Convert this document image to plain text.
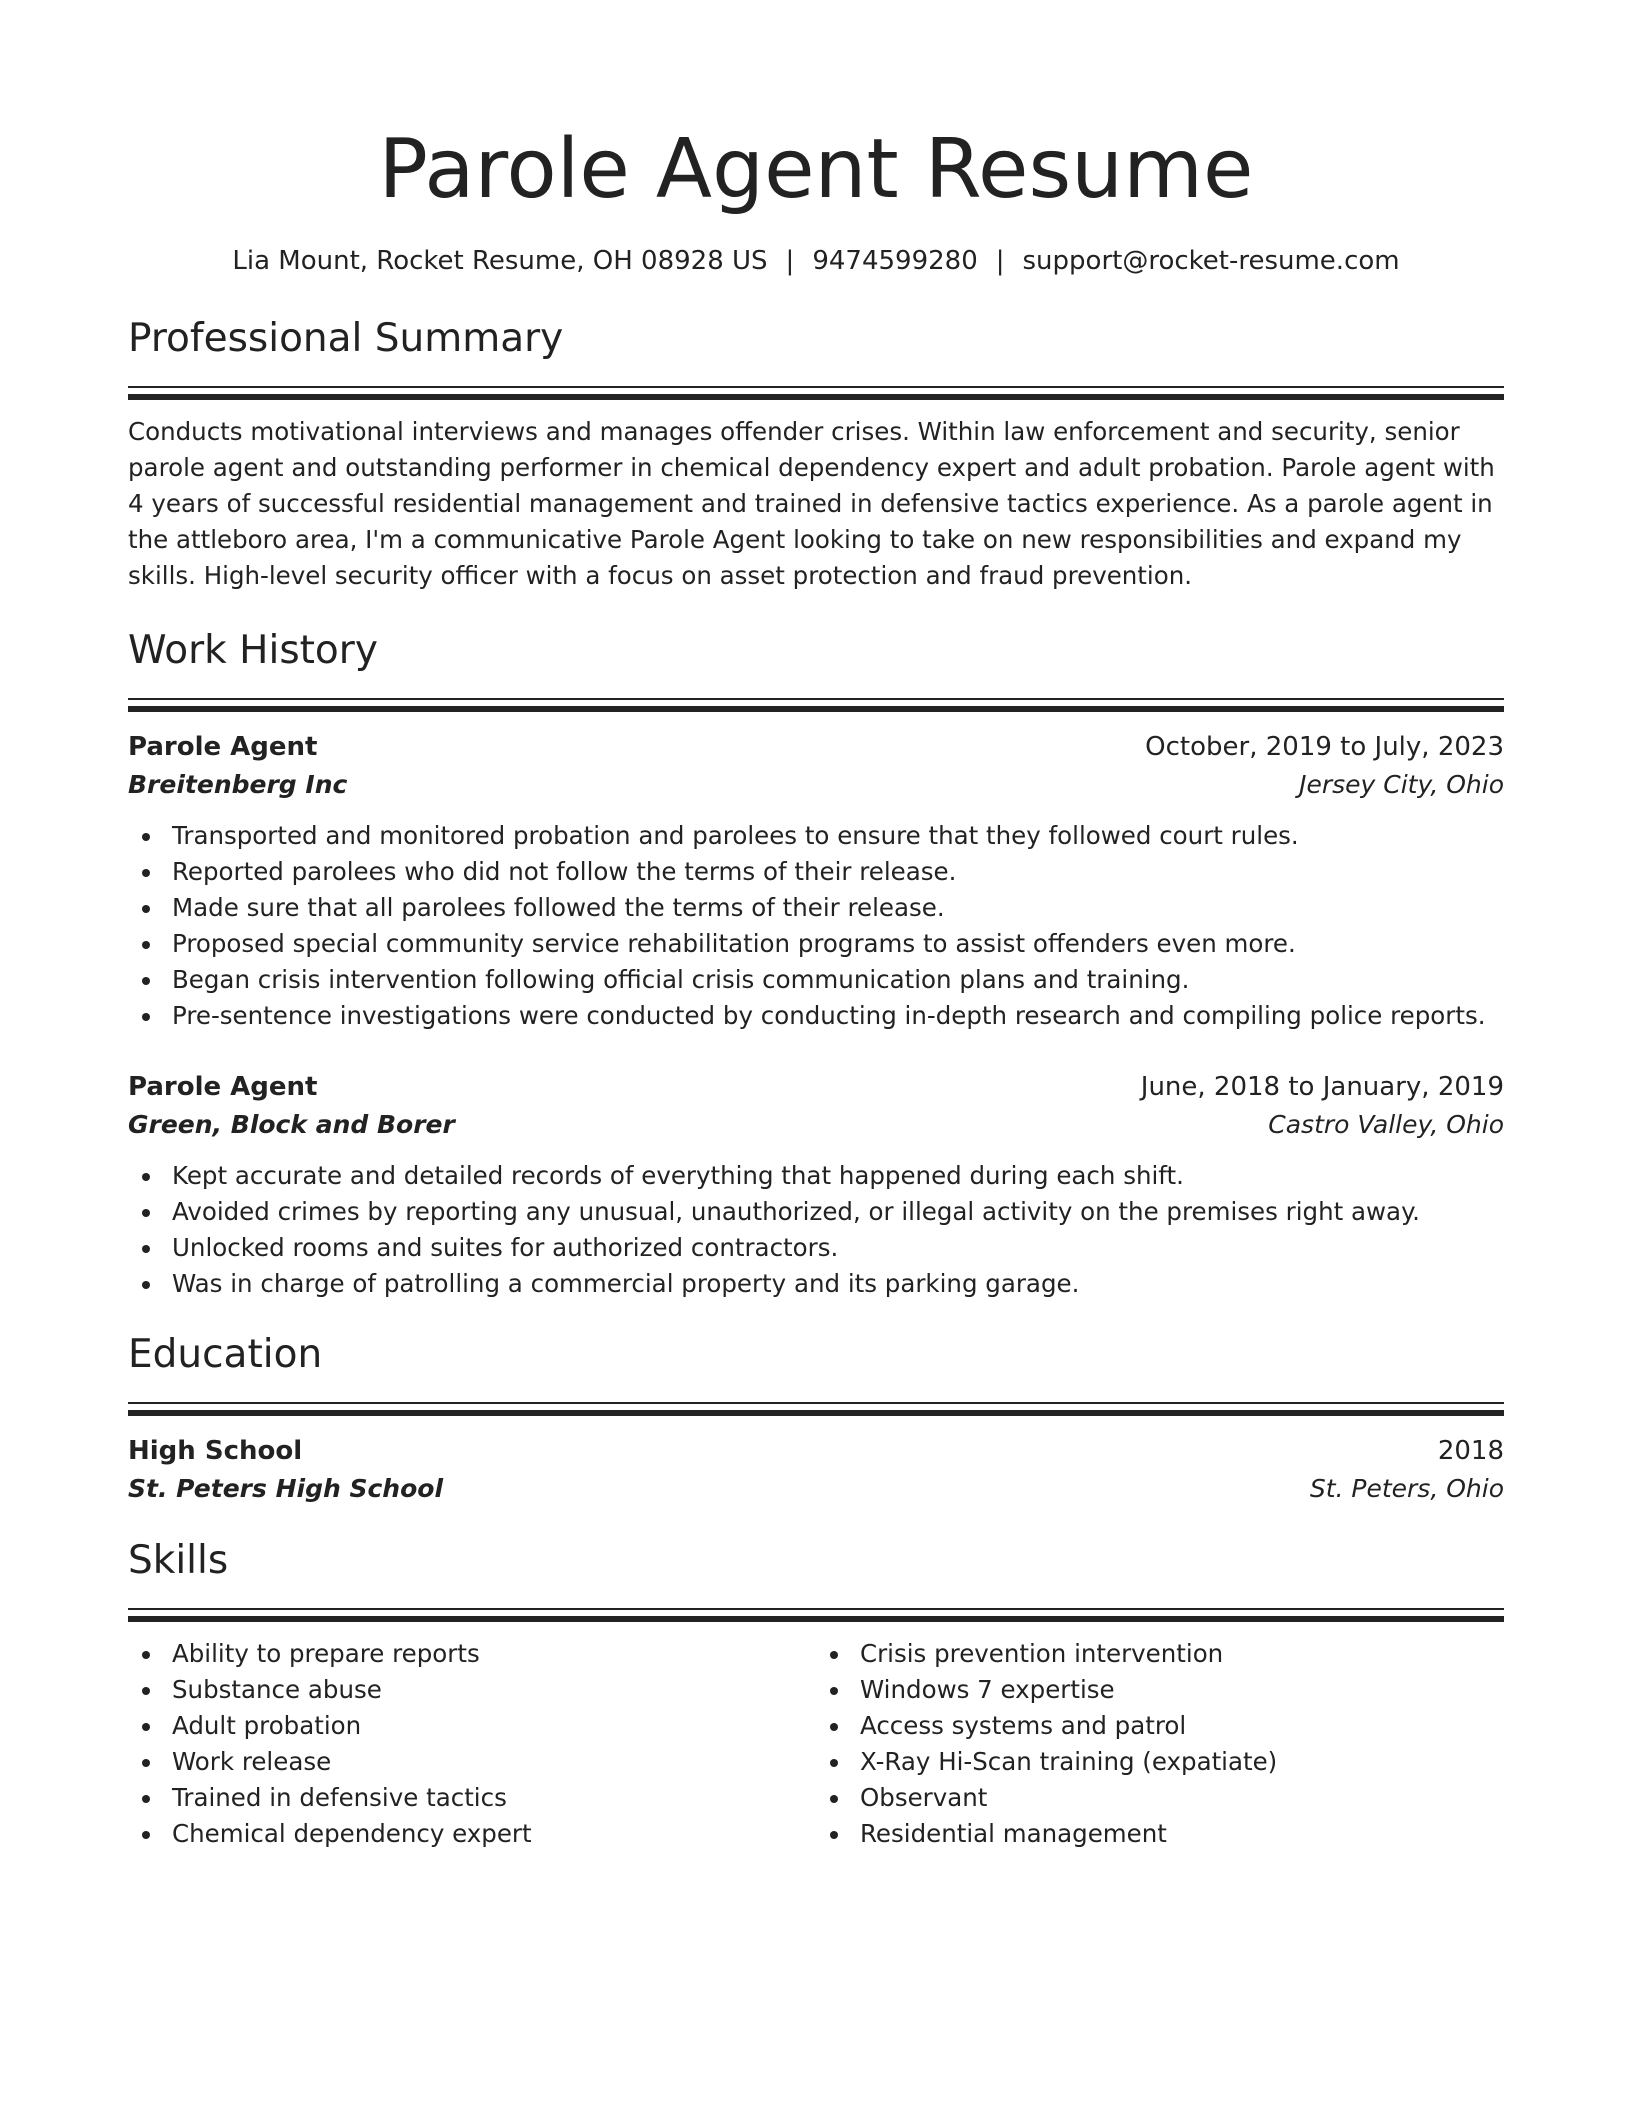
Parole Agent Resume
Lia Mount, Rocket Resume, OH 08928 US | 9474599280 | support@rocket-resume.com
Professional Summary
Conducts motivational interviews and manages offender crises. Within law enforcement and security, senior parole agent and outstanding performer in chemical dependency expert and adult probation. Parole agent with 4 years of successful residential management and trained in defensive tactics experience. As a parole agent in the attleboro area, I'm a communicative Parole Agent looking to take on new responsibilities and expand my skills. High-level security officer with a focus on asset protection and fraud prevention.
Work History
Parole Agent	October, 2019 to July, 2023
Breitenberg Inc	Jersey City, Ohio
Transported and monitored probation and parolees to ensure that they followed court rules.
Reported parolees who did not follow the terms of their release.
Made sure that all parolees followed the terms of their release.
Proposed special community service rehabilitation programs to assist offenders even more.
Began crisis intervention following official crisis communication plans and training.
Pre-sentence investigations were conducted by conducting in-depth research and compiling police reports.
Parole Agent	June, 2018 to January, 2019
Green, Block and Borer	Castro Valley, Ohio
Kept accurate and detailed records of everything that happened during each shift.
Avoided crimes by reporting any unusual, unauthorized, or illegal activity on the premises right away.
Unlocked rooms and suites for authorized contractors.
Was in charge of patrolling a commercial property and its parking garage.
Education
High School	2018
St. Peters High School	St. Peters, Ohio
Skills
Ability to prepare reports
Substance abuse
Adult probation
Work release
Trained in defensive tactics
Chemical dependency expert
Crisis prevention intervention
Windows 7 expertise
Access systems and patrol
X-Ray Hi-Scan training (expatiate)
Observant
Residential management
